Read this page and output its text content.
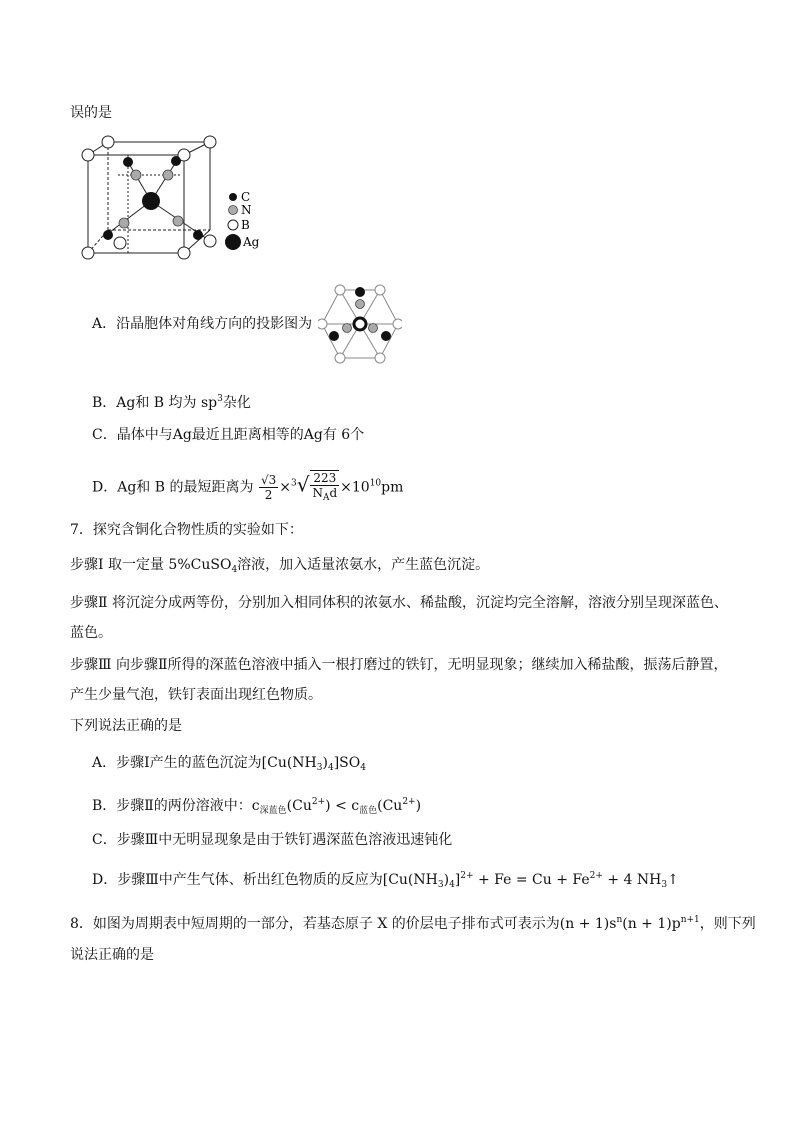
误的是
C
N
B
Ag
A．沿晶胞体对角线方向的投影图为
B．Ag和 B 均为 $sp^3$杂化
C．晶体中与Ag最近且距离相等的Ag有 6个
D．Ag和 B 的最短距离为 $\frac{√3}{2} \times^3√ \frac{223}{N_Ad} \times 10^{10}pm$
7．探究含铜化合物性质的实验如下：
步骤Ⅰ 取一定量 5%CuSO$_4$溶液，加入适量浓氨水，产生蓝色沉淀。
步骤Ⅱ 将沉淀分成两等份，分别加入相同体积的浓氨水、稀盐酸，沉淀均完全溶解，溶液分别呈现深蓝色、
蓝色。
步骤Ⅲ 向步骤Ⅱ所得的深蓝色溶液中插入一根打磨过的铁钉，无明显现象；继续加入稀盐酸，振荡后静置，
产生少量气泡，铁钉表面出现红色物质。
下列说法正确的是
A．步骤Ⅰ产生的蓝色沉淀为$[Cu(NH_3)_4]SO_4$
B．步骤Ⅱ的两份溶液中：$c_{深蓝色}(Cu^{2+}) < c_{蓝色}(Cu^{2+})$
C．步骤Ⅲ中无明显现象是由于铁钉遇深蓝色溶液迅速钝化
D．步骤Ⅲ中产生气体、析出红色物质的反应为$[Cu(NH_3)_4]^{2+} + Fe = Cu + Fe^{2+} + 4$ $NH_3↑$
8．如图为周期表中短周期的一部分，若基态原子 X 的价层电子排布式可表示为$(n + 1)s^n(n + 1)p^{n+1}$，则下列
说法正确的是
